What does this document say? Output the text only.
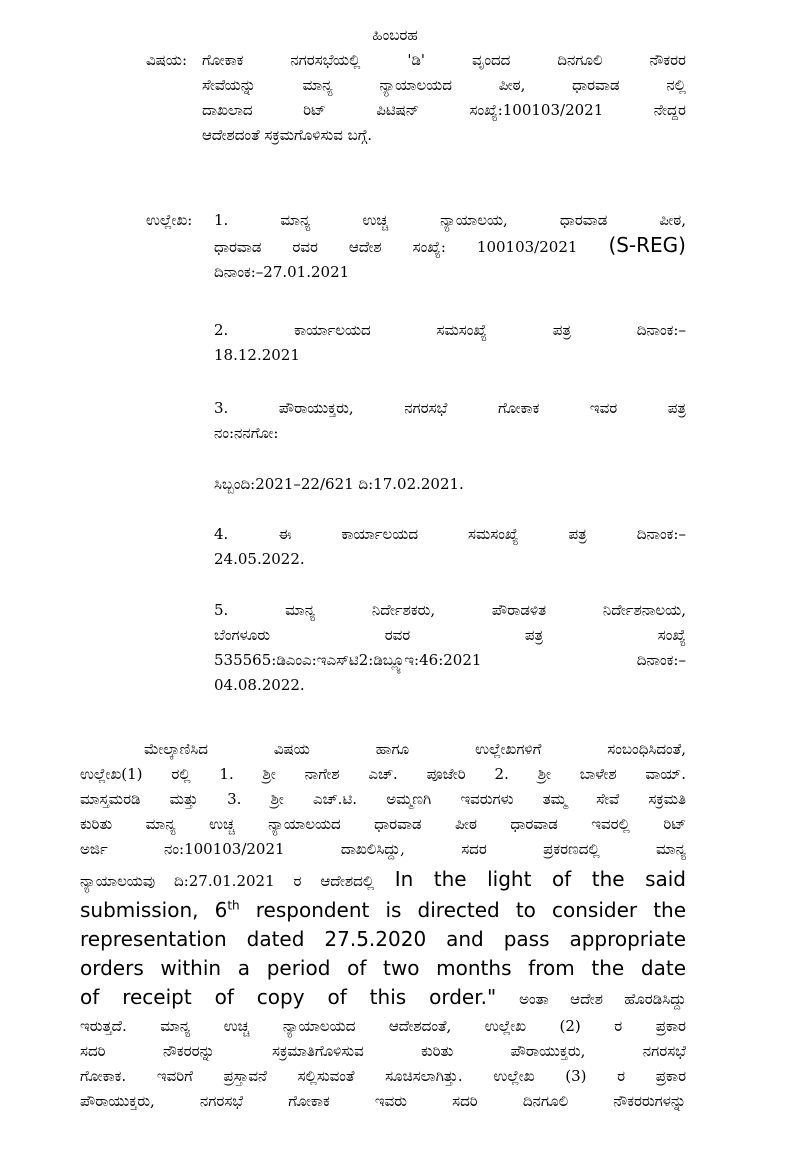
ಹಿಂಬರಹ
ವಿಷಯ: ಗೋಕಾಕ ನಗರಸಭೆಯಲ್ಲಿ 'ಡಿ' ವೃಂದದ ದಿನಗೂಲಿ ನೌಕರರ
ಸೇವೆಯನ್ನು ಮಾನ್ಯ ನ್ಯಾಯಾಲಯದ ಪೀಠ, ಧಾರವಾಡ ನಲ್ಲಿ
ದಾಖಲಾದ ರಿಟ್ ಪಿಟಿಷನ್ ಸಂಖ್ಯೆ:100103/2021 ನೇದ್ದರ
ಆದೇಶದಂತೆ ಸಕ್ರಮಗೊಳಿಸುವ ಬಗ್ಗೆ.
ಉಲ್ಲೇಖ: 1.	ಮಾನ್ಯ ಉಚ್ಚ ನ್ಯಾಯಾಲಯ, ಧಾರವಾಡ ಪೀಠ,
ಧಾರವಾಡ ರವರ ಆದೇಶ ಸಂಖ್ಯೆ: 100103/2021 (S-REG)
ದಿನಾಂಕ:–27.01.2021
2.	ಕಾರ್ಯಾಲಯದ ಸಮಸಂಖ್ಯೆ ಪತ್ರ ದಿನಾಂಕ:–
18.12.2021
3.	ಪೌರಾಯುಕ್ತರು, ನಗರಸಭೆ ಗೋಕಾಕ ಇವರ ಪತ್ರ
ನಂ:ನನಗೋ:
ಸಿಬ್ಬಂದಿ:2021–22/621 ದಿ:17.02.2021.
4.	ಈ ಕಾರ್ಯಾಲಯದ ಸಮಸಂಖ್ಯೆ ಪತ್ರ ದಿನಾಂಕ:–
24.05.2022.
5.	ಮಾನ್ಯ ನಿರ್ದೇಶಕರು, ಪೌರಾಡಳಿತ ನಿರ್ದೇಶನಾಲಯ,
ಬೆಂಗಳೂರು ರವರ ಪತ್ರ ಸಂಖ್ಯೆ
535565:ಡಿಎಂಎ:ಇಎಸ್‌ಟಿ2:ಡಿಬ್ಲ್ಯೂಇ:46:2021 ದಿನಾಂಕ:–
04.08.2022.
ಮೇಲ್ಕಾಣಿಸಿದ ವಿಷಯ ಹಾಗೂ ಉಲ್ಲೇಖಗಳಿಗೆ ಸಂಬಂಧಿಸಿದಂತೆ,
ಉಲ್ಲೇಖ(1) ರಲ್ಲಿ 1. ಶ್ರೀ ನಾಗೇಶ ಎಚ್. ಪೂಜೇರಿ 2. ಶ್ರೀ ಬಾಳೇಶ ವಾಯ್.
ಮಾಸ್ತಮರಡಿ ಮತ್ತು 3. ಶ್ರೀ ಎಚ್.ಟಿ. ಅಮ್ಮಣಗಿ ಇವರುಗಳು ತಮ್ಮ ಸೇವೆ ಸಕ್ರಮತಿ
ಕುರಿತು ಮಾನ್ಯ ಉಚ್ಚ ನ್ಯಾಯಾಲಯದ ಧಾರವಾಡ ಪೀಠ ಧಾರವಾಡ ಇವರಲ್ಲಿ ರಿಟ್
ಅರ್ಜಿ ನಂ:100103/2021 ದಾಖಲಿಸಿದ್ದು, ಸದರ ಪ್ರಕರಣದಲ್ಲಿ ಮಾನ್ಯ
ನ್ಯಾಯಾಲಯವು ದಿ:27.01.2021 ರ ಆದೇಶದಲ್ಲಿ In the light of the said
submission, 6th respondent is directed to consider the
representation dated 27.5.2020 and pass appropriate
orders within a period of two months from the date
of receipt of copy of this order." ಅಂತಾ ಆದೇಶ ಹೊರಡಿಸಿದ್ದು
ಇರುತ್ತದೆ. ಮಾನ್ಯ ಉಚ್ಚ ನ್ಯಾಯಾಲಯದ ಆದೇಶದಂತೆ, ಉಲ್ಲೇಖ (2) ರ ಪ್ರಕಾರ
ಸದರಿ ನೌಕರರನ್ನು ಸಕ್ರಮಾತಿಗೊಳಿಸುವ ಕುರಿತು ಪೌರಾಯುಕ್ತರು, ನಗರಸಭೆ
ಗೋಕಾಕ. ಇವರಿಗೆ ಪ್ರಸ್ತಾವನೆ ಸಲ್ಲಿಸುವಂತೆ ಸೂಚಿಸಲಾಗಿತ್ತು. ಉಲ್ಲೇಖ (3) ರ ಪ್ರಕಾರ
ಪೌರಾಯುಕ್ತರು, ನಗರಸಭೆ ಗೋಕಾಕ ಇವರು ಸದರಿ ದಿನಗೂಲಿ ನೌಕರರುಗಳನ್ನು
